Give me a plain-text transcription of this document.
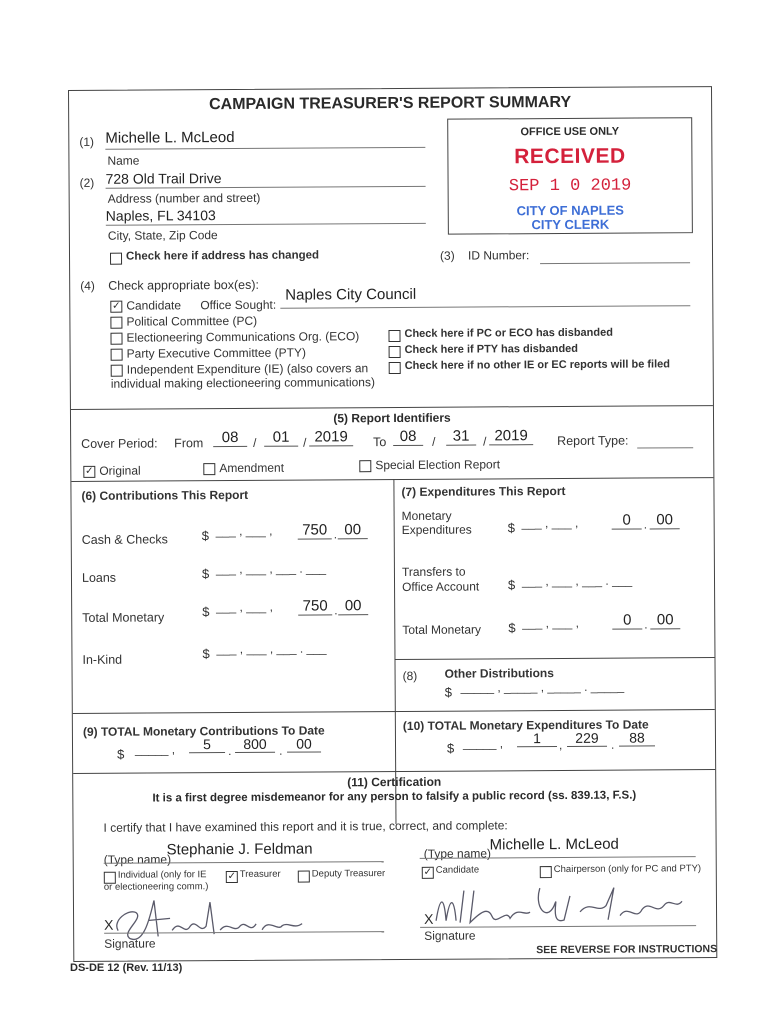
CAMPAIGN TREASURER'S REPORT SUMMARY
(1) Michelle L. McLeod
Name
(2) 728 Old Trail Drive
Address (number and street)
Naples, FL 34103
City, State, Zip Code
Check here if address has changed
OFFICE USE ONLY
RECEIVED
SEP 1 0 2019
CITY OF NAPLES
CITY CLERK
(3) ID Number:
(4) Check appropriate box(es):
✓ Candidate Office Sought:
Naples City Council
Political Committee (PC)
Electioneering Communications Org. (ECO)
Party Executive Committee (PTY)
Independent Expenditure (IE) (also covers an
individual making electioneering communications)
Check here if PC or ECO has disbanded
Check here if PTY has disbanded
Check here if no other IE or EC reports will be filed
(5) Report Identifiers
Cover Period: From	08	/	01	/ 2019	To 08	/	31	/ 2019	Report Type:
✓ Original	Amendment	Special Election Report
(6) Contributions This Report
Cash & Checks	$ ___ , ___ , 750 . 00
Loans	$ ___ , ___ , ___ . ___
Total Monetary	$ ___ , ___ , 750 . 00
In-Kind	$ ___ , ___ , ___ . ___
(7) Expenditures This Report
Monetary
Expenditures	$ ___ , ___ ,	0	. 00
Transfers to
Office Account $ ___ , ___ , ___ . ___
Total Monetary $ ___ , ___ ,	0	. 00
(8) Other Distributions
$ _____ , _____ , _____ . _____
(9) TOTAL Monetary Contributions To Date
$ _____ ,	5	. 800	. 00
(10) TOTAL Monetary Expenditures To Date
$ _____ ,	1	, 229	.	88
(11) Certification
It is a first degree misdemeanor for any person to falsify a public record (ss. 839.13, F.S.)
I certify that I have examined this report and it is true, correct, and complete:
(Type name)
Stephanie J. Feldman
Individual (only for IE
or electioneering comm.)
✓ Treasurer	Deputy Treasurer
(Type name)
Michelle L. McLeod
✓ Candidate	Chairperson (only for PC and PTY)
X
Signature
X
Signature
SEE REVERSE FOR INSTRUCTIONS
DS-DE 12 (Rev. 11/13)
